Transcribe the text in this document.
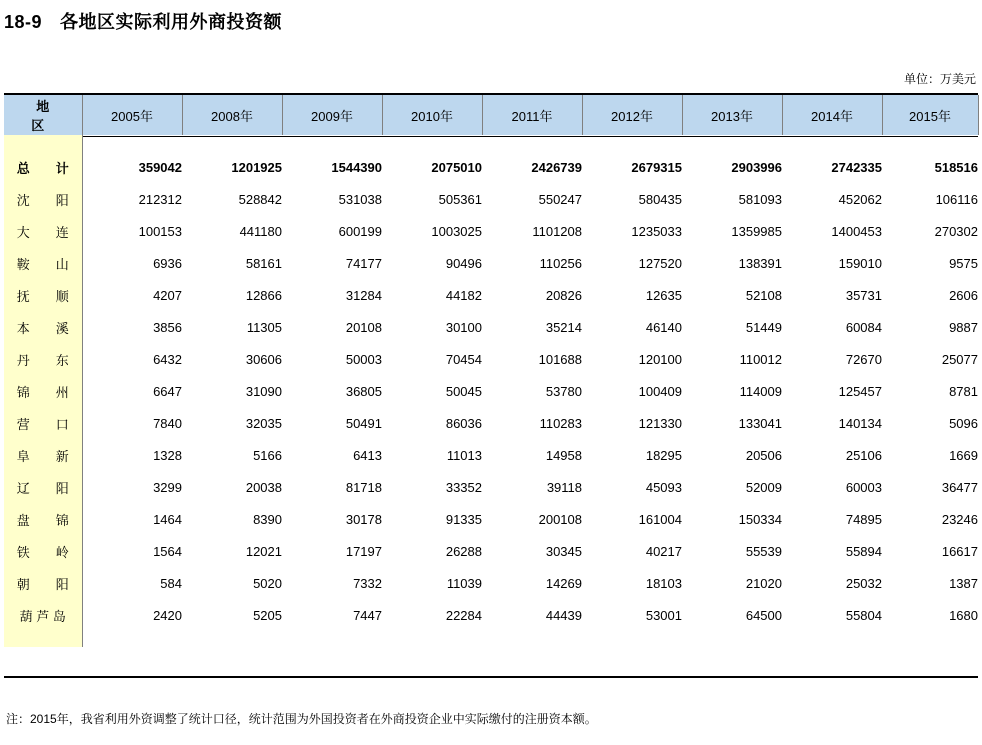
18-9 各地区实际利用外商投资额
单位：万美元
地　区	2005年	2008年	2009年	2010年	2011年	2012年	2013年	2014年	2015年

总　　计	359042	1201925	1544390	2075010	2426739	2679315	2903996	2742335	518516
沈　　阳	212312	528842	531038	505361	550247	580435	581093	452062	106116
大　　连	100153	441180	600199	1003025	1101208	1235033	1359985	1400453	270302
鞍　　山	6936	58161	74177	90496	110256	127520	138391	159010	9575
抚　　顺	4207	12866	31284	44182	20826	12635	52108	35731	2606
本　　溪	3856	11305	20108	30100	35214	46140	51449	60084	9887
丹　　东	6432	30606	50003	70454	101688	120100	110012	72670	25077
锦　　州	6647	31090	36805	50045	53780	100409	114009	125457	8781
营　　口	7840	32035	50491	86036	110283	121330	133041	140134	5096
阜　　新	1328	5166	6413	11013	14958	18295	20506	25106	1669
辽　　阳	3299	20038	81718	33352	39118	45093	52009	60003	36477
盘　　锦	1464	8390	30178	91335	200108	161004	150334	74895	23246
铁　　岭	1564	12021	17197	26288	30345	40217	55539	55894	16617
朝　　阳	584	5020	7332	11039	14269	18103	21020	25032	1387
葫 芦 岛	2420	5205	7447	22284	44439	53001	64500	55804	1680

注：2015年，我省利用外资调整了统计口径，统计范围为外国投资者在外商投资企业中实际缴付的注册资本额。
